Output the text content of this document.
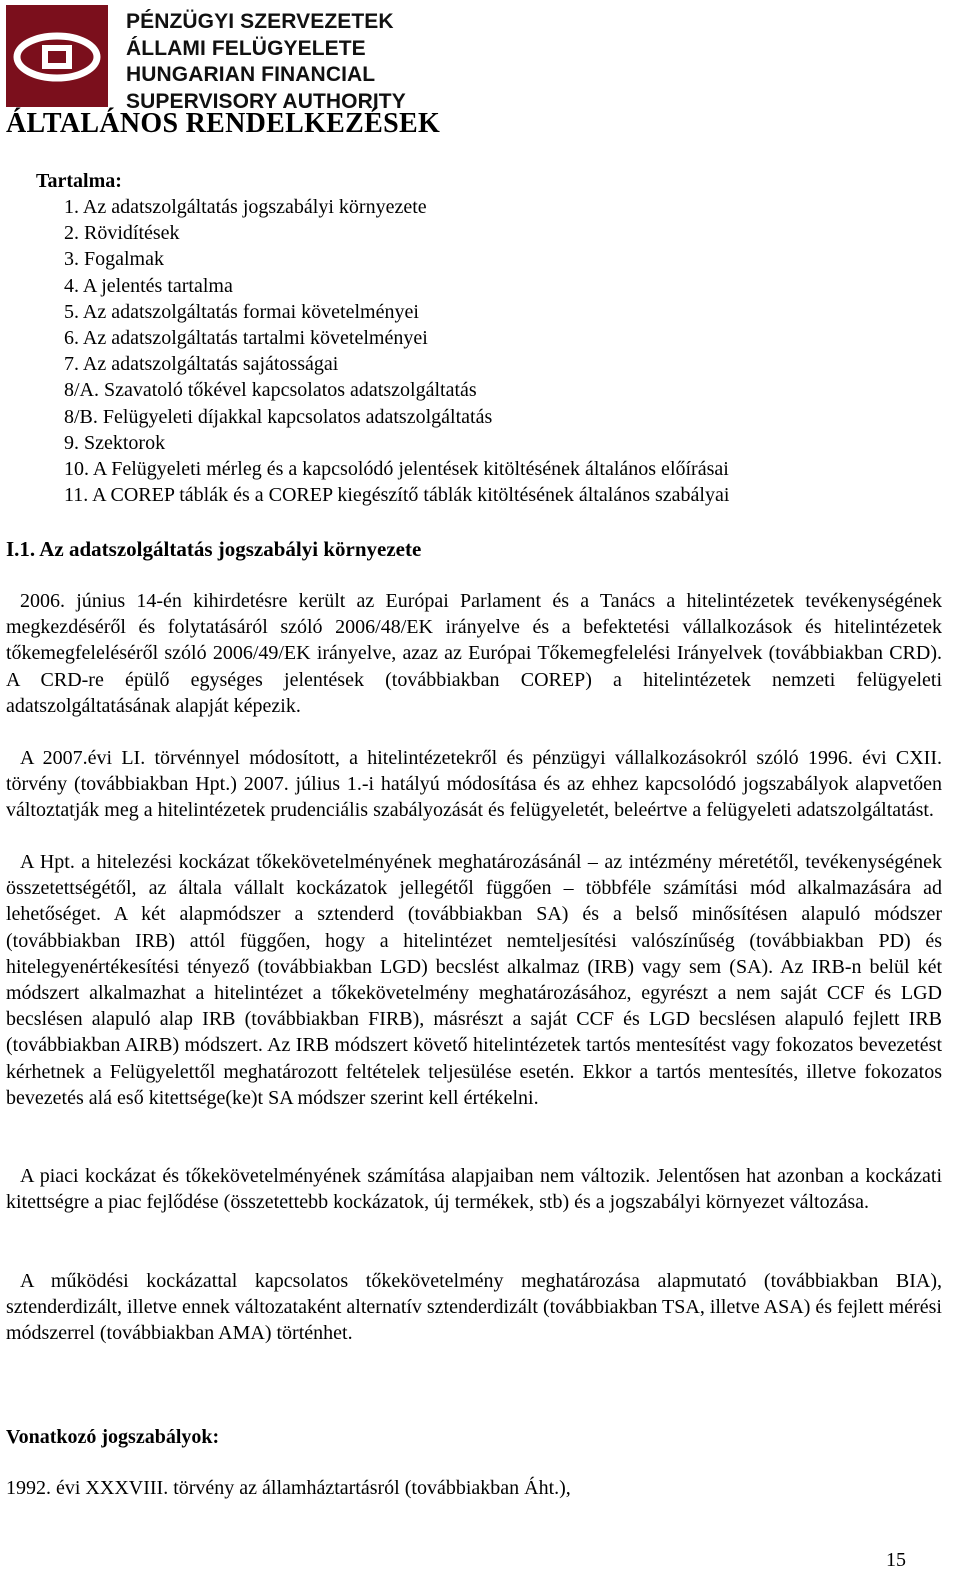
PÉNZÜGYI SZERVEZETEK
ÁLLAMI FELÜGYELETE
HUNGARIAN FINANCIAL
SUPERVISORY AUTHORITY
ÁLTALÁNOS RENDELKEZÉSEK
Tartalma:
1. Az adatszolgáltatás jogszabályi környezete
2. Rövidítések
3. Fogalmak
4. A jelentés tartalma
5. Az adatszolgáltatás formai követelményei
6. Az adatszolgáltatás tartalmi követelményei
7. Az adatszolgáltatás sajátosságai
8/A. Szavatoló tőkével kapcsolatos adatszolgáltatás
8/B. Felügyeleti díjakkal kapcsolatos adatszolgáltatás
9. Szektorok
10. A Felügyeleti mérleg és a kapcsolódó jelentések kitöltésének általános előírásai
11. A COREP táblák és a COREP kiegészítő táblák kitöltésének általános szabályai
I.1. Az adatszolgáltatás jogszabályi környezete

2006. június 14-én kihirdetésre került az Európai Parlament és a Tanács a hitelintézetek tevékenységének megkezdéséről és folytatásáról szóló 2006/48/EK irányelve és a befektetési vállalkozások és hitelintézetek tőkemegfeleléséről szóló 2006/49/EK irányelve, azaz az Európai Tőkemegfelelési Irányelvek (továbbiakban CRD). A CRD-re épülő egységes jelentések (továbbiakban COREP) a hitelintézetek nemzeti felügyeleti adatszolgáltatásának alapját képezik.

A 2007.évi LI. törvénnyel módosított, a hitelintézetekről és pénzügyi vállalkozásokról szóló 1996. évi CXII. törvény (továbbiakban Hpt.) 2007. július 1.-i hatályú módosítása és az ehhez kapcsolódó jogszabályok alapvetően változtatják meg a hitelintézetek prudenciális szabályozását és felügyeletét, beleértve a felügyeleti adatszolgáltatást.

A Hpt. a hitelezési kockázat tőkekövetelményének meghatározásánál – az intézmény méretétől, tevékenységének összetettségétől, az általa vállalt kockázatok jellegétől függően – többféle számítási mód alkalmazására ad lehetőséget. A két alapmódszer a sztenderd (továbbiakban SA) és a belső minősítésen alapuló módszer (továbbiakban IRB) attól függően, hogy a hitelintézet nemteljesítési valószínűség (továbbiakban PD) és hitelegyenértékesítési tényező (továbbiakban LGD) becslést alkalmaz (IRB) vagy sem (SA). Az IRB-n belül két módszert alkalmazhat a hitelintézet a tőkekövetelmény meghatározásához, egyrészt a nem saját CCF és LGD becslésen alapuló alap IRB (továbbiakban FIRB), másrészt a saját CCF és LGD becslésen alapuló fejlett IRB (továbbiakban AIRB) módszert. Az IRB módszert követő hitelintézetek tartós mentesítést vagy fokozatos bevezetést kérhetnek a Felügyelettől meghatározott feltételek teljesülése esetén. Ekkor a tartós mentesítés, illetve fokozatos bevezetés alá eső kitettsége(ke)t SA módszer szerint kell értékelni.

A piaci kockázat és tőkekövetelményének számítása alapjaiban nem változik. Jelentősen hat azonban a kockázati kitettségre a piac fejlődése (összetettebb kockázatok, új termékek, stb) és a jogszabályi környezet változása.

A működési kockázattal kapcsolatos tőkekövetelmény meghatározása alapmutató (továbbiakban BIA), sztenderdizált, illetve ennek változataként alternatív sztenderdizált (továbbiakban TSA, illetve ASA) és fejlett mérési módszerrel (továbbiakban AMA) történhet.

Vonatkozó jogszabályok:
1992. évi XXXVIII. törvény az államháztartásról (továbbiakban Áht.),
15
